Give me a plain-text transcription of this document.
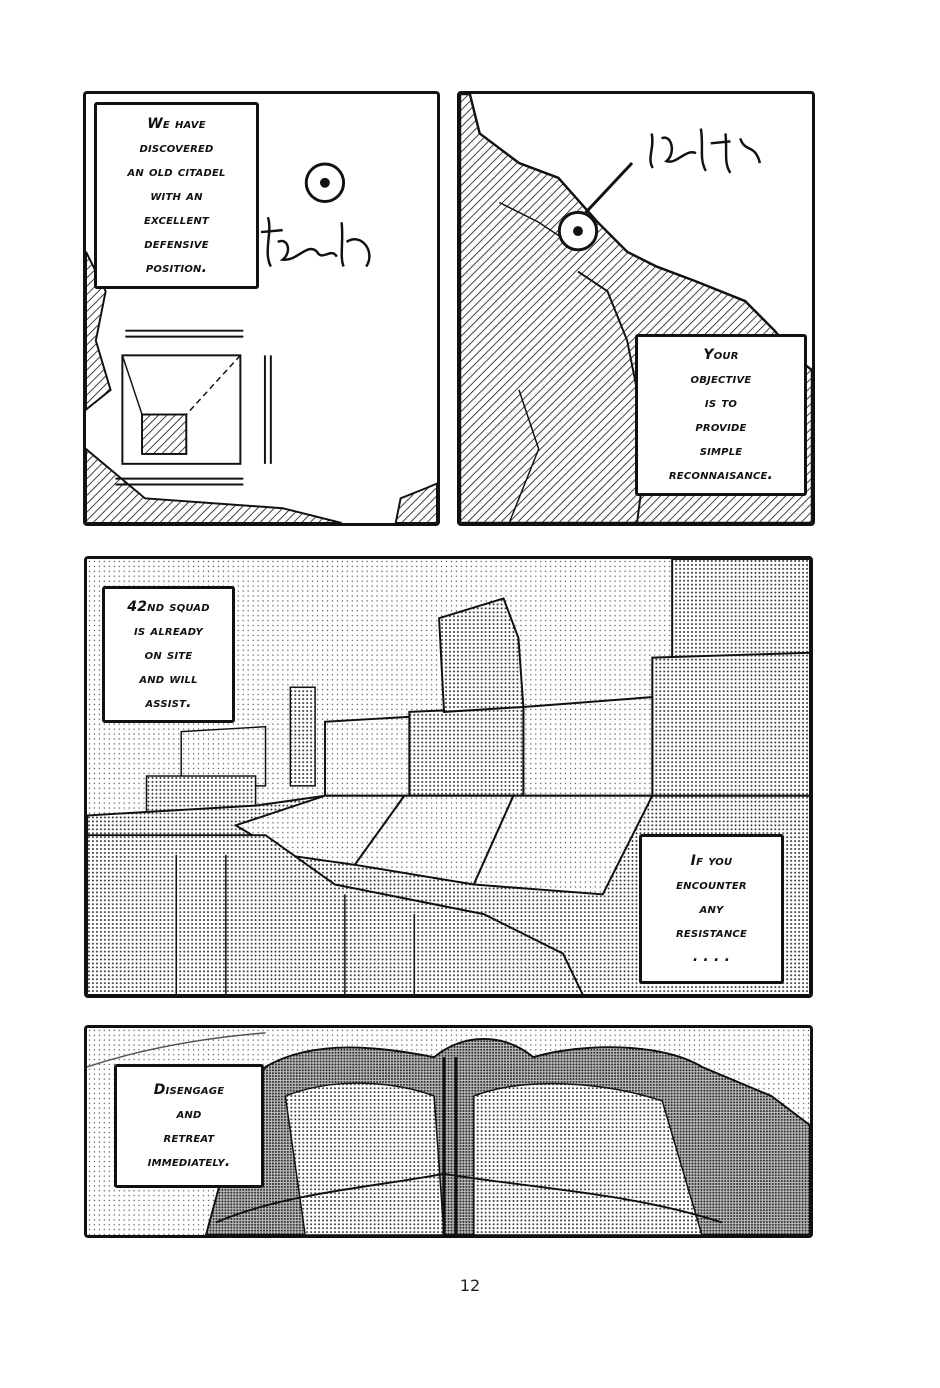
We have
discovered
an old citadel
with an
excellent
defensive
position.
Your
objective
is to
provide
simple
reconnaisance.
42nd squad
is already
on site
and will
assist.
If you
encounter
any
resistance
. . . .
Disengage
and
retreat
immediately.
12
